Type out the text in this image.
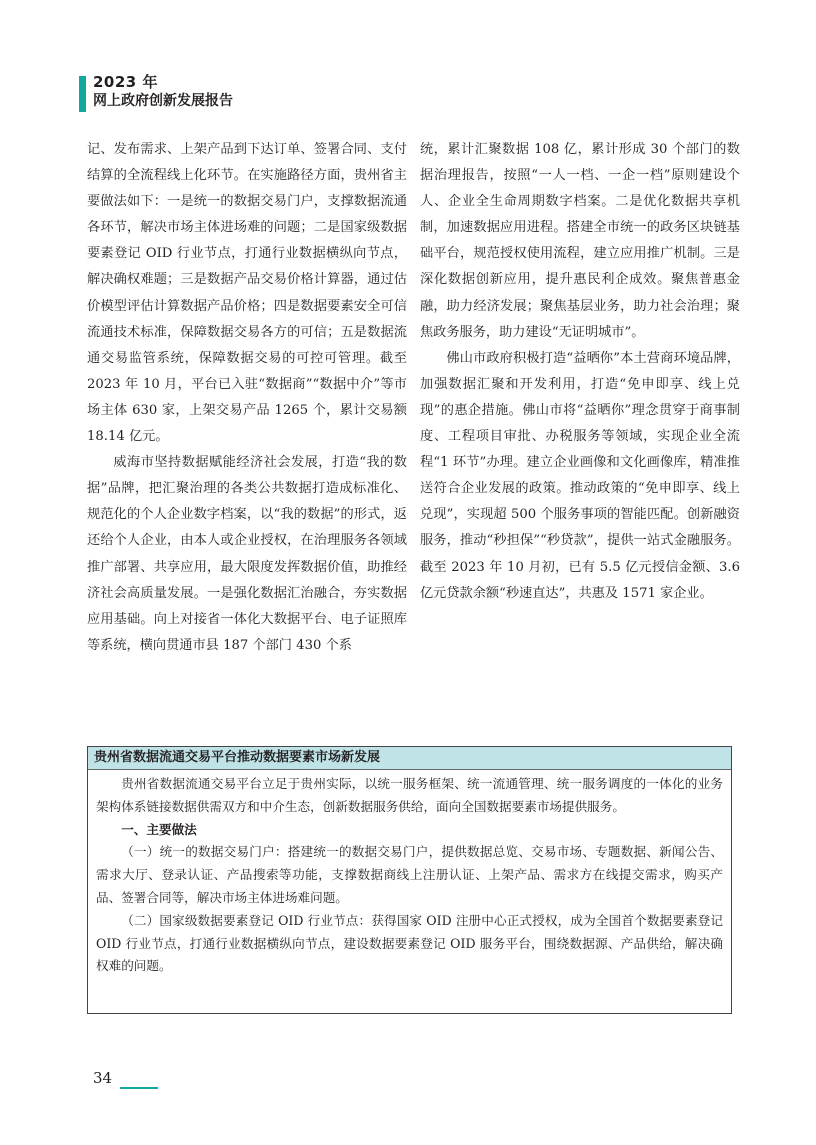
2023 年
网上政府创新发展报告

记、发布需求、上架产品到下达订单、签署合同、支付结算的全流程线上化环节。在实施路径方面，贵州省主要做法如下：一是统一的数据交易门户，支撑数据流通各环节，解决市场主体进场难的问题；二是国家级数据要素登记 OID 行业节点，打通行业数据横纵向节点，解决确权难题；三是数据产品交易价格计算器，通过估价模型评估计算数据产品价格；四是数据要素安全可信流通技术标准，保障数据交易各方的可信；五是数据流通交易监管系统，保障数据交易的可控可管理。截至 2023 年 10 月，平台已入驻“数据商”“数据中介”等市场主体 630 家，上架交易产品 1265 个，累计交易额 18.14 亿元。

威海市坚持数据赋能经济社会发展，打造“我的数据”品牌，把汇聚治理的各类公共数据打造成标准化、规范化的个人企业数字档案，以“我的数据”的形式，返还给个人企业，由本人或企业授权，在治理服务各领域推广部署、共享应用，最大限度发挥数据价值，助推经济社会高质量发展。一是强化数据汇治融合，夯实数据应用基础。向上对接省一体化大数据平台、电子证照库等系统，横向贯通市县 187 个部门 430 个系

统，累计汇聚数据 108 亿，累计形成 30 个部门的数据治理报告，按照“一人一档、一企一档”原则建设个人、企业全生命周期数字档案。二是优化数据共享机制，加速数据应用进程。搭建全市统一的政务区块链基础平台，规范授权使用流程，建立应用推广机制。三是深化数据创新应用，提升惠民利企成效。聚焦普惠金融，助力经济发展；聚焦基层业务，助力社会治理；聚焦政务服务，助力建设“无证明城市”。

佛山市政府积极打造“益晒你”本土营商环境品牌，加强数据汇聚和开发利用，打造“免申即享、线上兑现”的惠企措施。佛山市将“益晒你”理念贯穿于商事制度、工程项目审批、办税服务等领域，实现企业全流程“1 环节”办理。建立企业画像和文化画像库，精准推送符合企业发展的政策。推动政策的“免申即享、线上兑现”，实现超 500 个服务事项的智能匹配。创新融资服务，推动“秒担保”“秒贷款”，提供一站式金融服务。截至 2023 年 10 月初，已有 5.5 亿元授信金额、3.6 亿元贷款余额“秒速直达”，共惠及 1571 家企业。

贵州省数据流通交易平台推动数据要素市场新发展

贵州省数据流通交易平台立足于贵州实际，以统一服务框架、统一流通管理、统一服务调度的一体化的业务架构体系链接数据供需双方和中介生态，创新数据服务供给，面向全国数据要素市场提供服务。

一、主要做法

（一）统一的数据交易门户：搭建统一的数据交易门户，提供数据总览、交易市场、专题数据、新闻公告、需求大厅、登录认证、产品搜索等功能，支撑数据商线上注册认证、上架产品、需求方在线提交需求，购买产品、签署合同等，解决市场主体进场难问题。

（二）国家级数据要素登记 OID 行业节点：获得国家 OID 注册中心正式授权，成为全国首个数据要素登记 OID 行业节点，打通行业数据横纵向节点，建设数据要素登记 OID 服务平台，围绕数据源、产品供给，解决确权难的问题。

34
